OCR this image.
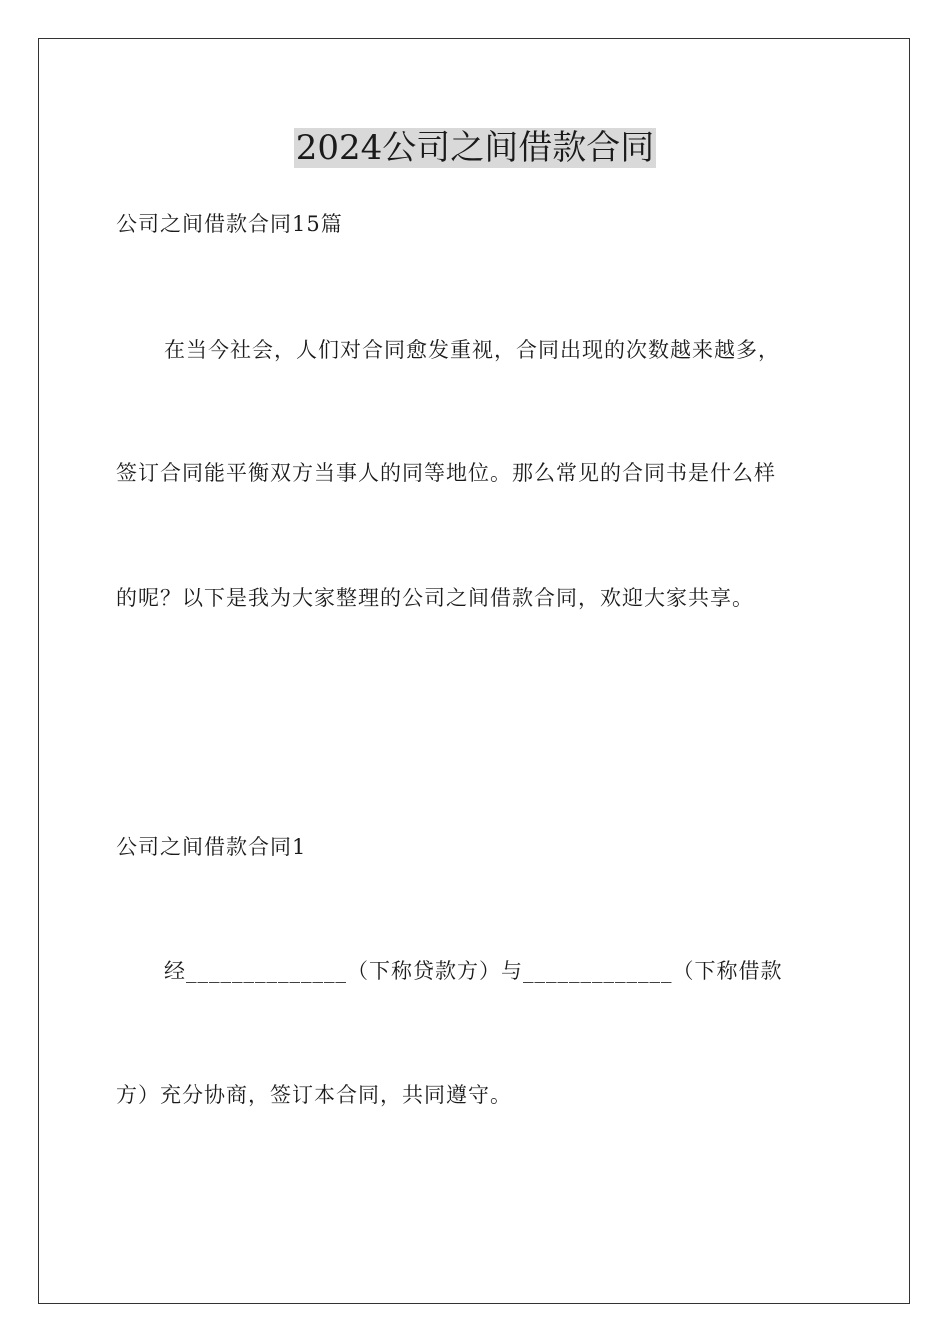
2024公司之间借款合同
公司之间借款合同15篇
在当今社会，人们对合同愈发重视，合同出现的次数越来越多，
签订合同能平衡双方当事人的同等地位。那么常见的合同书是什么样
的呢？以下是我为大家整理的公司之间借款合同，欢迎大家共享。
公司之间借款合同1
经______________（下称贷款方）与_____________（下称借款
方）充分协商，签订本合同，共同遵守。
